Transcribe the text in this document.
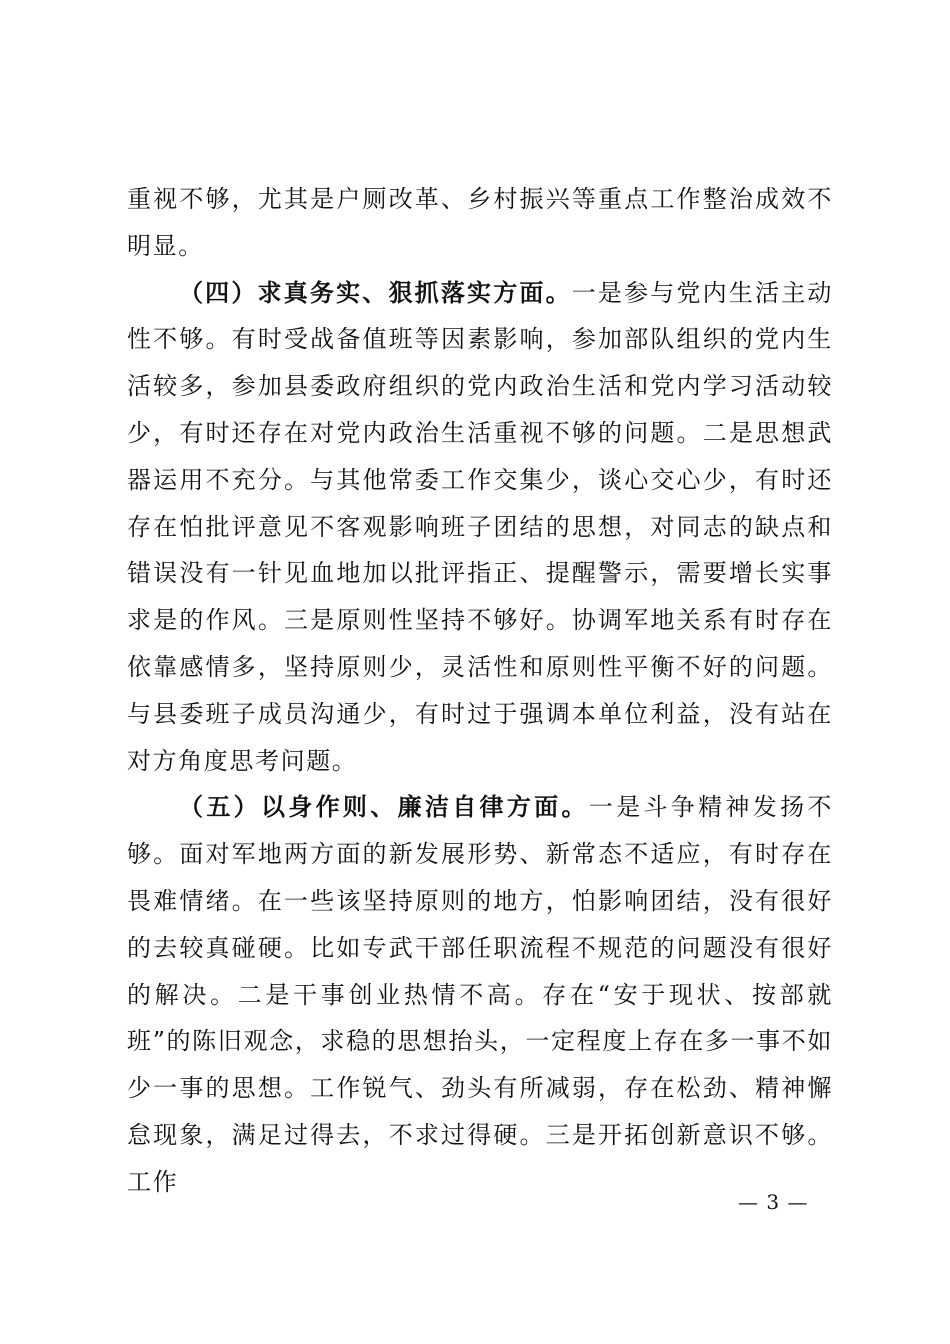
重视不够，尤其是户厕改革、乡村振兴等重点工作整治成效不明显。

（四）求真务实、狠抓落实方面。一是参与党内生活主动性不够。有时受战备值班等因素影响，参加部队组织的党内生活较多，参加县委政府组织的党内政治生活和党内学习活动较少，有时还存在对党内政治生活重视不够的问题。二是思想武器运用不充分。与其他常委工作交集少，谈心交心少，有时还存在怕批评意见不客观影响班子团结的思想，对同志的缺点和错误没有一针见血地加以批评指正、提醒警示，需要增长实事求是的作风。三是原则性坚持不够好。协调军地关系有时存在依靠感情多，坚持原则少，灵活性和原则性平衡不好的问题。与县委班子成员沟通少，有时过于强调本单位利益，没有站在对方角度思考问题。

（五）以身作则、廉洁自律方面。一是斗争精神发扬不够。面对军地两方面的新发展形势、新常态不适应，有时存在畏难情绪。在一些该坚持原则的地方，怕影响团结，没有很好的去较真碰硬。比如专武干部任职流程不规范的问题没有很好的解决。二是干事创业热情不高。存在“安于现状、按部就班”的陈旧观念，求稳的思想抬头，一定程度上存在多一事不如少一事的思想。工作锐气、劲头有所减弱，存在松劲、精神懈怠现象，满足过得去，不求过得硬。三是开拓创新意识不够。工作

— 3 —
